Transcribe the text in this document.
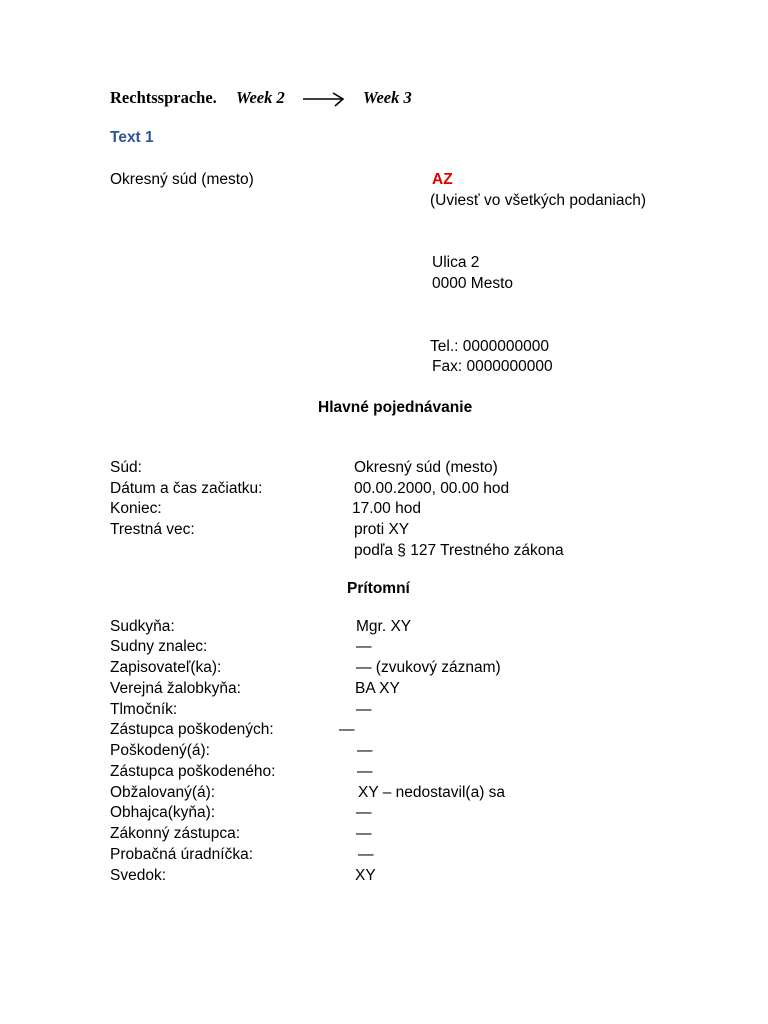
Rechtssprache. Week 2	Week 3
Text 1
Okresný súd (mesto)	AZ
(Uviesť vo všetkých podaniach)
Ulica 2
0000 Mesto
Tel.: 0000000000
Fax: 0000000000
Hlavné pojednávanie
Súd:	Okresný súd (mesto)
Dátum a čas začiatku:	00.00.2000, 00.00 hod
Koniec:	17.00 hod
Trestná vec:	proti XY
podľa § 127 Trestného zákona
Prítomní
Sudkyňa:	Mgr. XY
Sudny znalec:	—
Zapisovateľ(ka):	— (zvukový záznam)
Verejná žalobkyňa:	BA XY
Tlmočník:	—
Zástupca poškodených:	—
Poškodený(á):	—
Zástupca poškodeného:	—
Obžalovaný(á):	XY – nedostavil(a) sa
Obhajca(kyňa):	—
Zákonný zástupca:	—
Probačná úradníčka:	—
Svedok:	XY
